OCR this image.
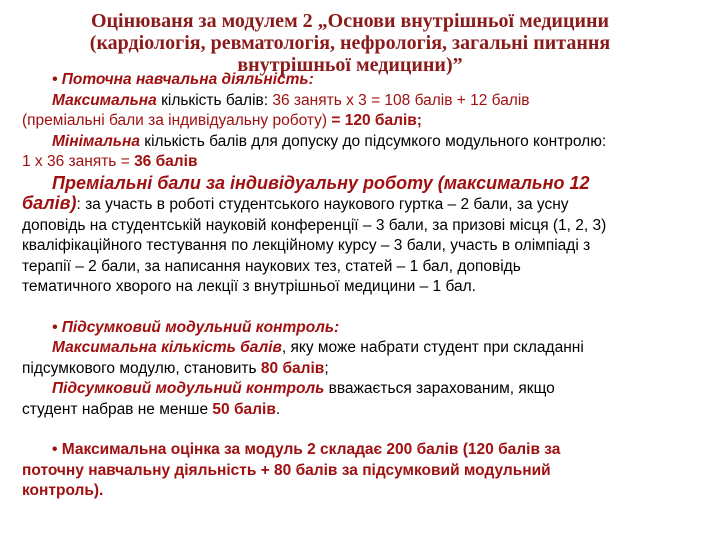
Оцінюваня за модулем 2 „Основи внутрішньої медицини
(кардіологія, ревматологія, нефрологія, загальні питання
внутрішньої медицини)”
• Поточна навчальна діяльність:
Максимальна кількість балів: 36 занять х 3 = 108 балів + 12 балів
(преміальні бали за індивідуальну роботу) = 120 балів;
Мінімальна кількість балів для допуску до підсумкого модульного контролю:
1 х 36 занять = 36 балів
Преміальні бали за індивідуальну роботу (максимально 12
балів): за участь в роботі студентського наукового гуртка – 2 бали, за усну
доповідь на студентській науковій конференції – 3 бали, за призові місця (1, 2, 3)
кваліфікаційного тестування по лекційному курсу – 3 бали, участь в олімпіаді з
терапії – 2 бали, за написання наукових тез, статей – 1 бал, доповідь
тематичного хворого на лекції з внутрішньої медицини – 1 бал.
• Підсумковий модульний контроль:
Максимальна кількість балів, яку може набрати студент при складанні
підсумкового модулю, становить 80 балів;
Підсумковий модульний контроль вважається зарахованим, якщо
студент набрав не менше 50 балів.
• Максимальна оцінка за модуль 2 складає 200 балів (120 балів за
поточну навчальну діяльність + 80 балів за підсумковий модульний
контроль).
